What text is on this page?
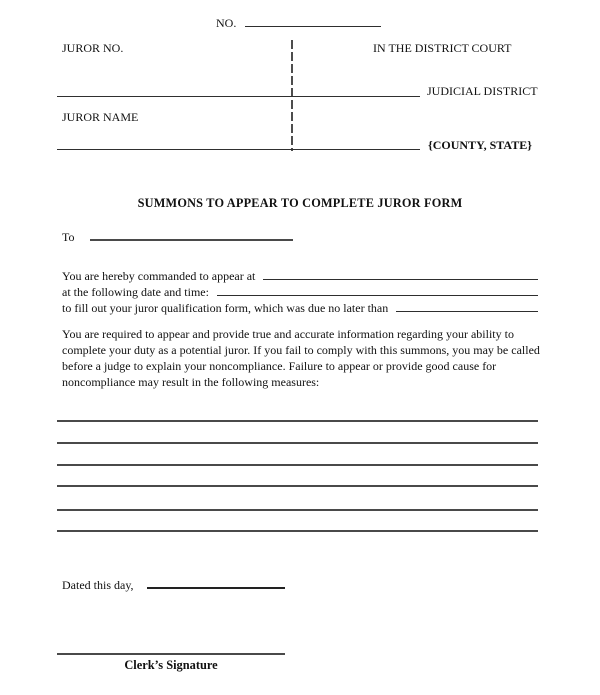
NO.
JUROR NO.	IN THE DISTRICT COURT
JUDICIAL DISTRICT
JUROR NAME
{COUNTY, STATE}
SUMMONS TO APPEAR TO COMPLETE JUROR FORM
To
You are hereby commanded to appear at
at the following date and time:
to fill out your juror qualification form, which was due no later than
You are required to appear and provide true and accurate information regarding your ability to complete your duty as a potential juror. If you fail to comply with this summons, you may be called before a judge to explain your noncompliance. Failure to appear or provide good cause for noncompliance may result in the following measures:
Dated this day,
Clerk’s Signature
